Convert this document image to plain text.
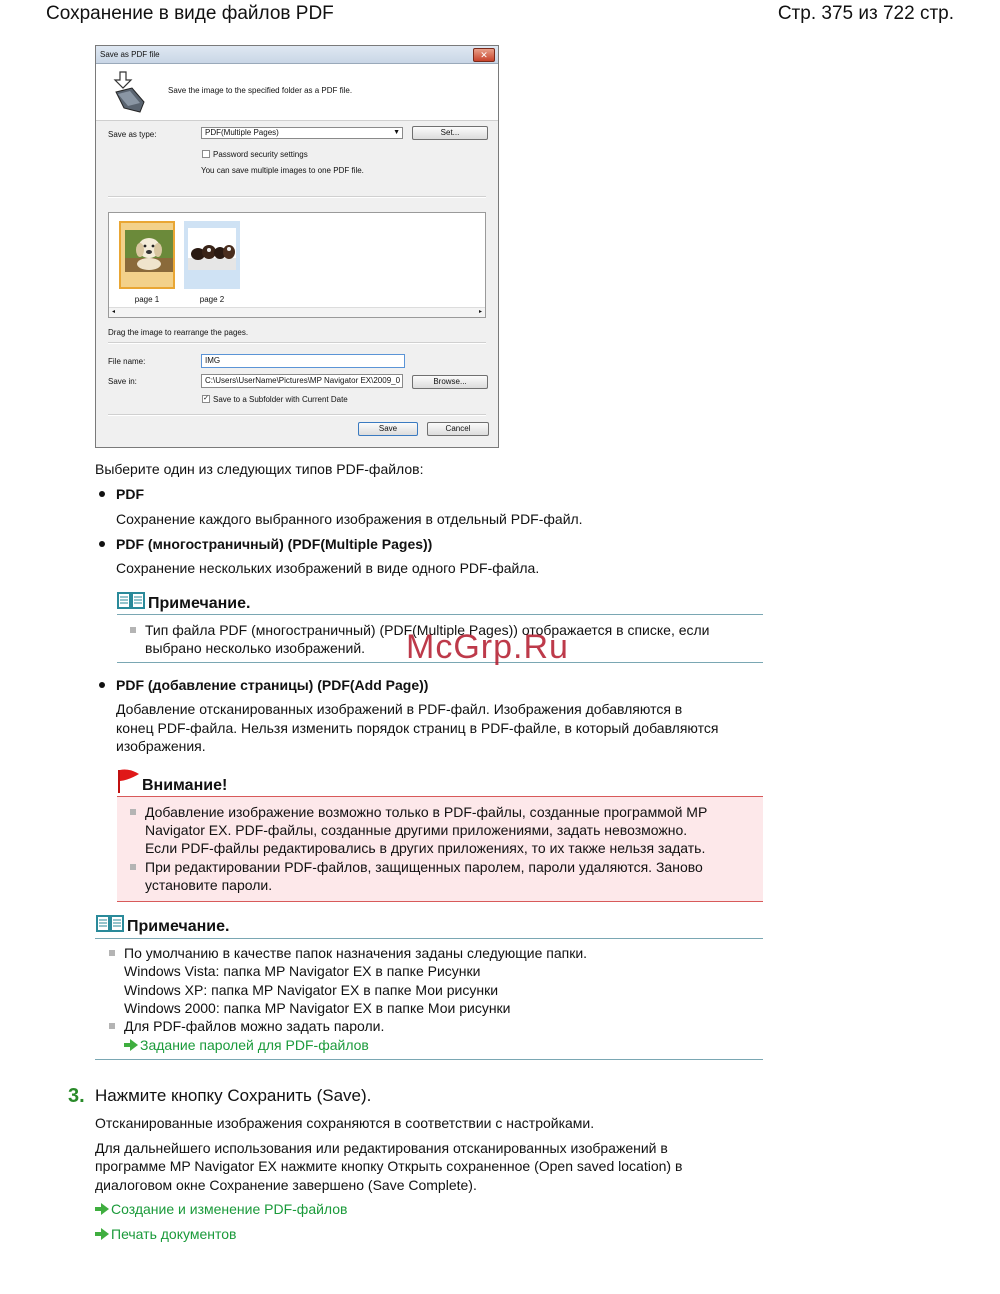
Сохранение в виде файлов PDF	Стр. 375 из 722 стр.
Save as PDF file	✕
Save the image to the specified folder as a PDF file.
Save as type:	PDF(Multiple Pages)	▼	Set...
Password security settings
You can save multiple images to one PDF file.
page 1	page 2
◂	▸
Drag the image to rearrange the pages.
File name:	IMG
Save in:	C:\Users\UserName\Pictures\MP Navigator EX\2009_0	Browse...
✓ Save to a Subfolder with Current Date
Save	Cancel
Выберите один из следующих типов PDF-файлов:
PDF
Сохранение каждого выбранного изображения в отдельный PDF-файл.
PDF (многостраничный) (PDF(Multiple Pages))
Сохранение нескольких изображений в виде одного PDF-файла.
Примечание.
Тип файла PDF (многостраничный) (PDF(Multiple Pages)) отображается в списке, если
выбрано несколько изображений.
PDF (добавление страницы) (PDF(Add Page))
Добавление отсканированных изображений в PDF-файл. Изображения добавляются в
конец PDF-файла. Нельзя изменить порядок страниц в PDF-файле, в который добавляются
изображения.
Внимание!
Добавление изображение возможно только в PDF-файлы, созданные программой MP
Navigator EX. PDF-файлы, созданные другими приложениями, задать невозможно.
Если PDF-файлы редактировались в других приложениях, то их также нельзя задать.
При редактировании PDF-файлов, защищенных паролем, пароли удаляются. Заново
установите пароли.
Примечание.
По умолчанию в качестве папок назначения заданы следующие папки.
Windows Vista: папка MP Navigator EX в папке Рисунки
Windows XP: папка MP Navigator EX в папке Мои рисунки
Windows 2000: папка MP Navigator EX в папке Мои рисунки
Для PDF-файлов можно задать пароли.
Задание паролей для PDF-файлов
3. Нажмите кнопку Сохранить (Save).
Отсканированные изображения сохраняются в соответствии с настройками.
Для дальнейшего использования или редактирования отсканированных изображений в
программе MP Navigator EX нажмите кнопку Открыть сохраненное (Open saved location) в
диалоговом окне Сохранение завершено (Save Complete).
Создание и изменение PDF-файлов
Печать документов
McGrp.Ru
